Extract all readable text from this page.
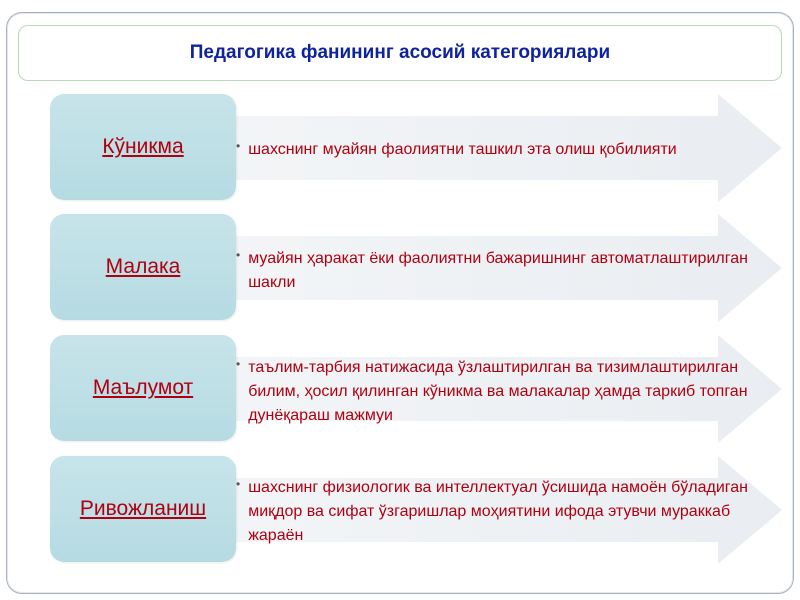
Педагогика фанининг асосий категориялари
Кўникма	• шахснинг муайян фаолиятни ташкил эта олиш қобилияти
Малака	• муайян ҳаракат ёки фаолиятни бажаришнинг автоматлаштирилган шакли
Маълумот
• таълим-тарбия натижасида ўзлаштирилган ва тизимлаштирилган билим, ҳосил қилинган кўникма ва малакалар ҳамда таркиб топган дунёқараш мажмуи
Ривожланиш
• шахснинг физиологик ва интеллектуал ўсишида намоён бўладиган миқдор ва сифат ўзгаришлар моҳиятини ифода этувчи мураккаб жараён
